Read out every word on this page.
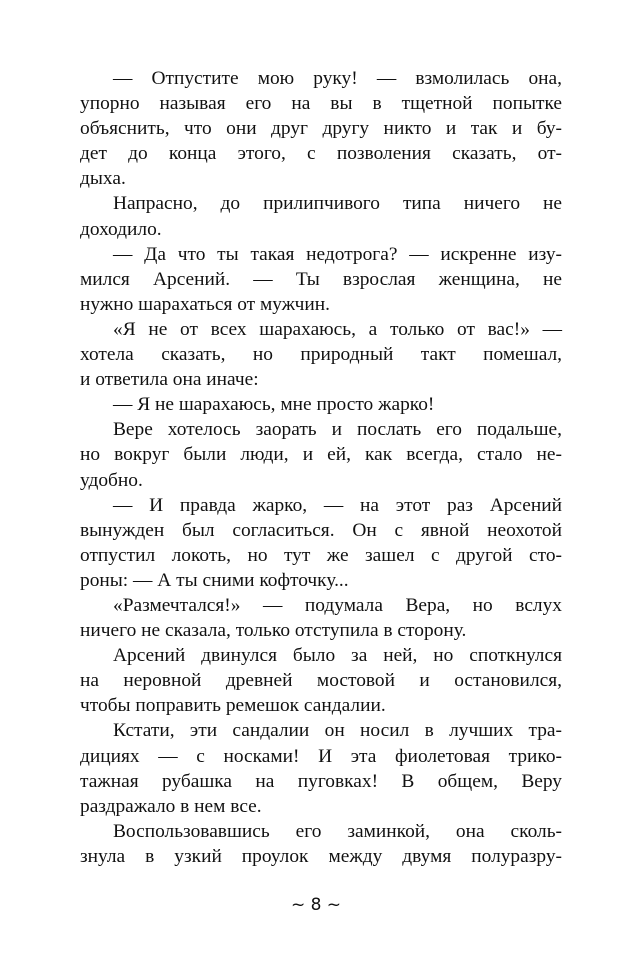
— Отпустите мою руку! — взмолилась она,
упорно называя его на вы в тщетной попытке
объяснить, что они друг другу никто и так и бу-
дет до конца этого, с позволения сказать, от-
дыха.
Напрасно, до прилипчивого типа ничего не
доходило.
— Да что ты такая недотрога? — искренне изу-
мился Арсений. — Ты взрослая женщина, не
нужно шарахаться от мужчин.
«Я не от всех шарахаюсь, а только от вас!» —
хотела сказать, но природный такт помешал,
и ответила она иначе:
— Я не шарахаюсь, мне просто жарко!
Вере хотелось заорать и послать его подальше,
но вокруг были люди, и ей, как всегда, стало не-
удобно.
— И правда жарко, — на этот раз Арсений
вынужден был согласиться. Он с явной неохотой
отпустил локоть, но тут же зашел с другой сто-
роны: — А ты сними кофточку...
«Размечтался!» — подумала Вера, но вслух
ничего не сказала, только отступила в сторону.
Арсений двинулся было за ней, но споткнулся
на неровной древней мостовой и остановился,
чтобы поправить ремешок сандалии.
Кстати, эти сандалии он носил в лучших тра-
дициях — с носками! И эта фиолетовая трико-
тажная рубашка на пуговках! В общем, Веру
раздражало в нем все.
Воспользовавшись его заминкой, она сколь-
знула в узкий проулок между двумя полуразру-
~ 8 ~
